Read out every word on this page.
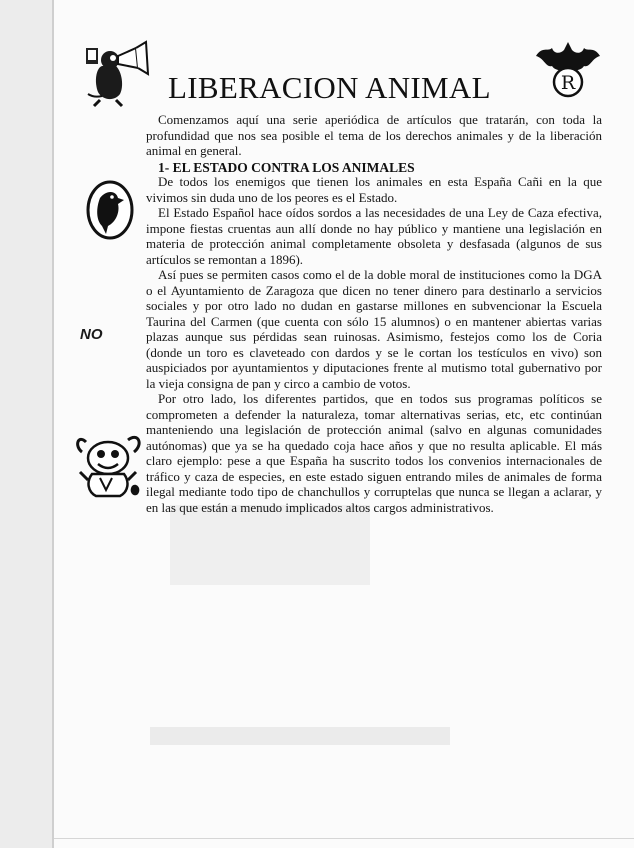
▬▬▬▬▬
LIBERACION ANIMAL	R

Comenzamos aquí una serie aperiódica de artículos que tratarán, con toda la profundidad que nos sea posible el tema de los derechos animales y de la liberación animal en general.

1- EL ESTADO CONTRA LOS ANIMALES

De todos los enemigos que tienen los animales en esta España Cañi en la que vivimos sin duda uno de los peores es el Estado.

El Estado Español hace oídos sordos a las necesidades de una Ley de Caza efectiva, impone fiestas cruentas aun allí donde no hay público y mantiene una legislación en materia de protección animal completamente obsoleta y desfasada (algunos de sus artículos se remontan a 1896).

Así pues se permiten casos como el de la doble moral de instituciones como la DGA o el Ayuntamiento de Zaragoza que dicen no tener dinero para destinarlo a servicios sociales y por otro lado no dudan en gastarse millones en subvencionar la Escuela Taurina del Carmen (que cuenta con sólo 15 alumnos) o en mantener abiertas varias plazas aunque sus pérdidas sean ruinosas. Asimismo, festejos como los de Coria (donde un toro es claveteado con dardos y se le cortan los testículos en vivo) son auspiciados por ayuntamientos y diputaciones frente al mutismo total gubernativo por la vieja consigna de pan y circo a cambio de votos.

Por otro lado, los diferentes partidos, que en todos sus programas políticos se comprometen a defender la naturaleza, tomar alternativas serias, etc, etc continúan manteniendo una legislación de protección animal (salvo en algunas comunidades autónomas) que ya se ha quedado coja hace años y que no resulta aplicable. El más claro ejemplo: pese a que España ha suscrito todos los convenios internacionales de tráfico y caza de especies, en este estado siguen entrando miles de animales de forma ilegal mediante todo tipo de chanchullos y corruptelas que nunca se llegan a aclarar, y en las que están a menudo implicados altos cargos administrativos.

NO
